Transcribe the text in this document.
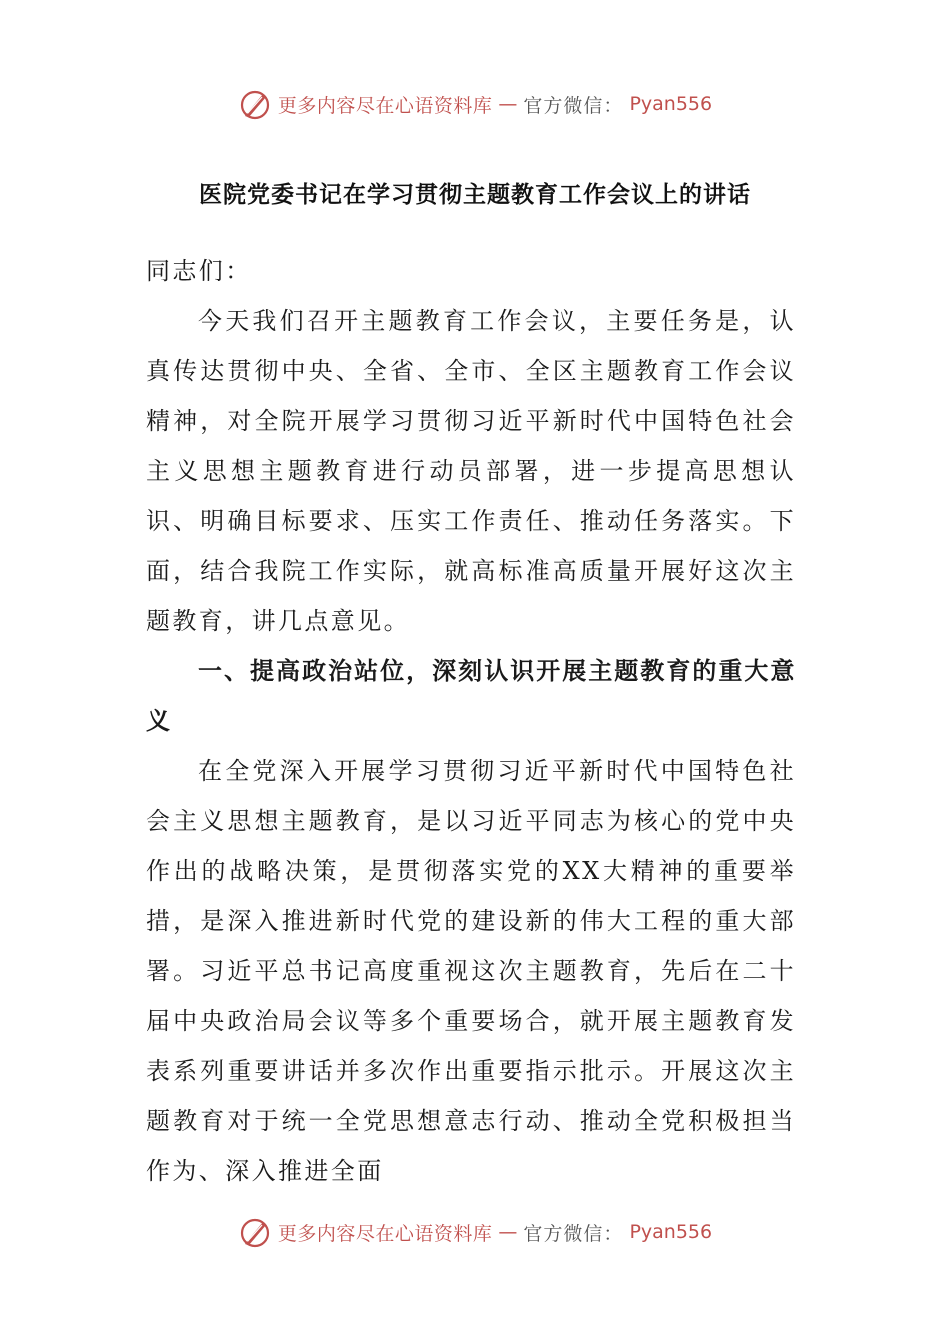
更多内容尽在心语资料库 — 官方微信： Pyan556
医院党委书记在学习贯彻主题教育工作会议上的讲话

同志们：

今天我们召开主题教育工作会议，主要任务是，认真传达贯彻中央、全省、全市、全区主题教育工作会议精神，对全院开展学习贯彻习近平新时代中国特色社会主义思想主题教育进行动员部署，进一步提高思想认识、明确目标要求、压实工作责任、推动任务落实。下面，结合我院工作实际，就高标准高质量开展好这次主题教育，讲几点意见。

一、提高政治站位，深刻认识开展主题教育的重大意义

在全党深入开展学习贯彻习近平新时代中国特色社会主义思想主题教育，是以习近平同志为核心的党中央作出的战略决策，是贯彻落实党的XX大精神的重要举措，是深入推进新时代党的建设新的伟大工程的重大部署。习近平总书记高度重视这次主题教育，先后在二十届中央政治局会议等多个重要场合，就开展主题教育发表系列重要讲话并多次作出重要指示批示。开展这次主题教育对于统一全党思想意志行动、推动全党积极担当作为、深入推进全面

更多内容尽在心语资料库 — 官方微信： Pyan556
